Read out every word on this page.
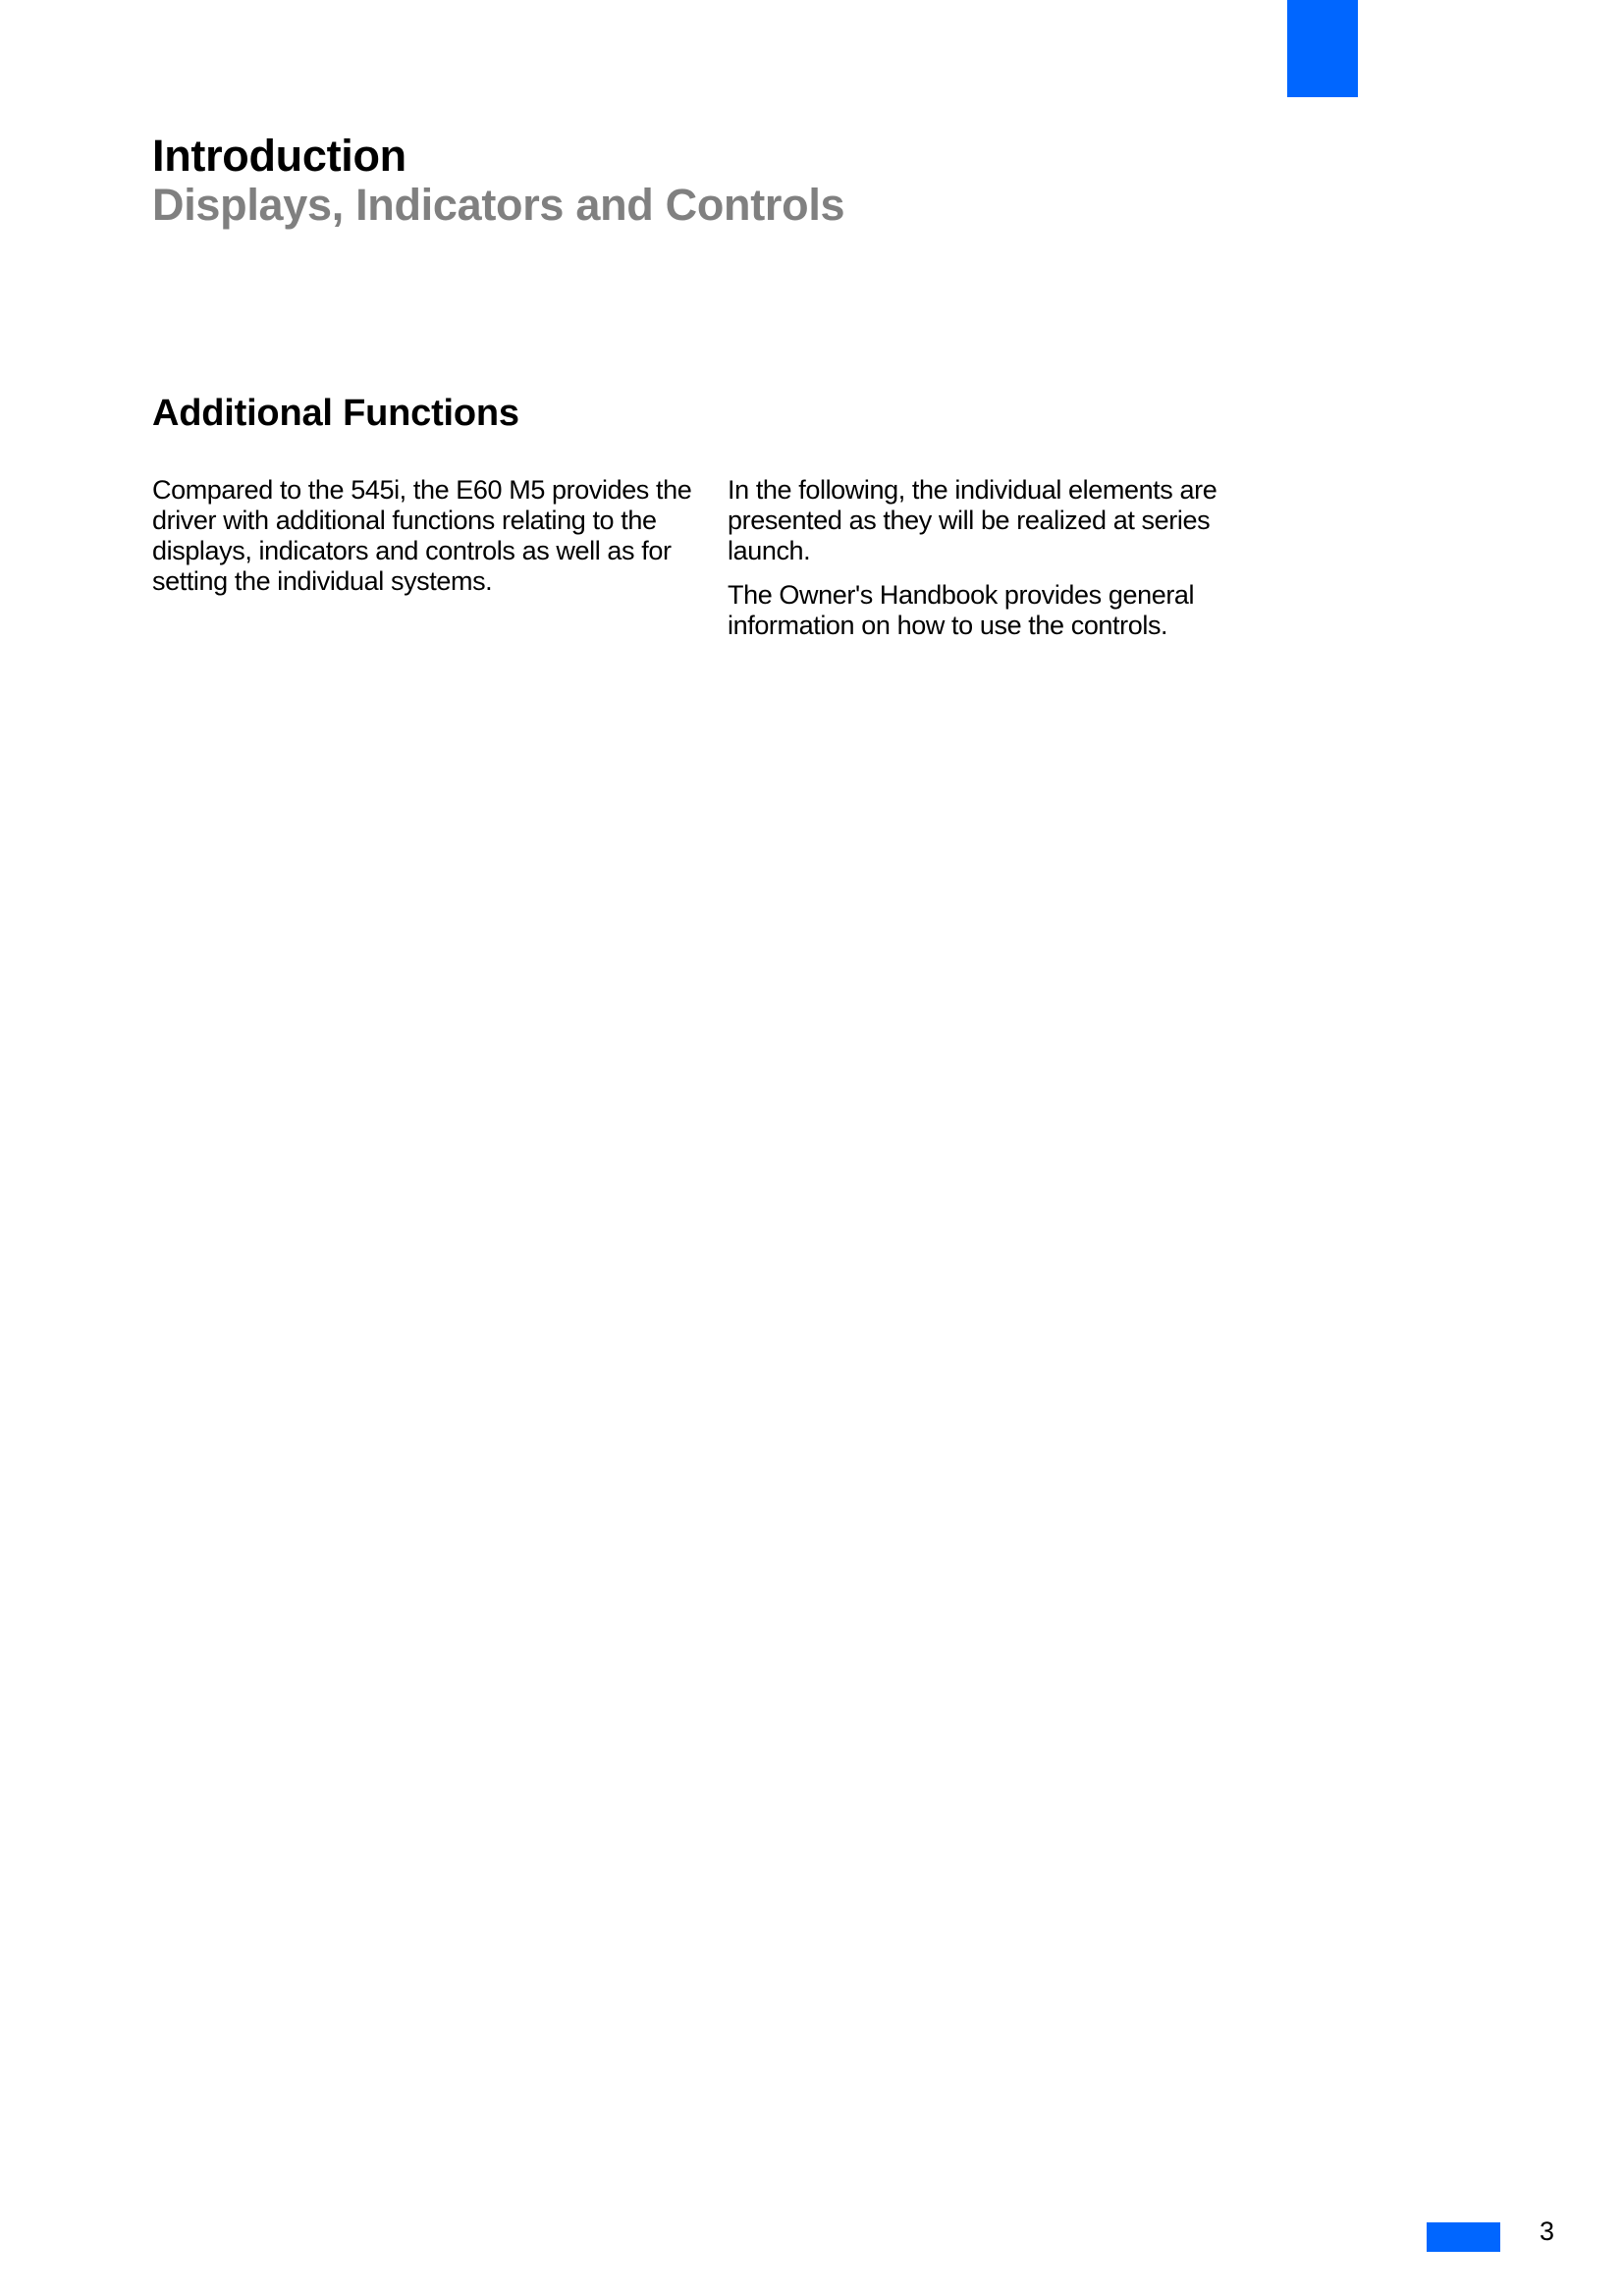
Introduction
Displays, Indicators and Controls
Additional Functions

Compared to the 545i, the E60 M5 provides the driver with additional functions relating to the displays, indicators and controls as well as for setting the individual systems.

In the following, the individual elements are presented as they will be realized at series launch.

The Owner's Handbook provides general information on how to use the controls.

3
